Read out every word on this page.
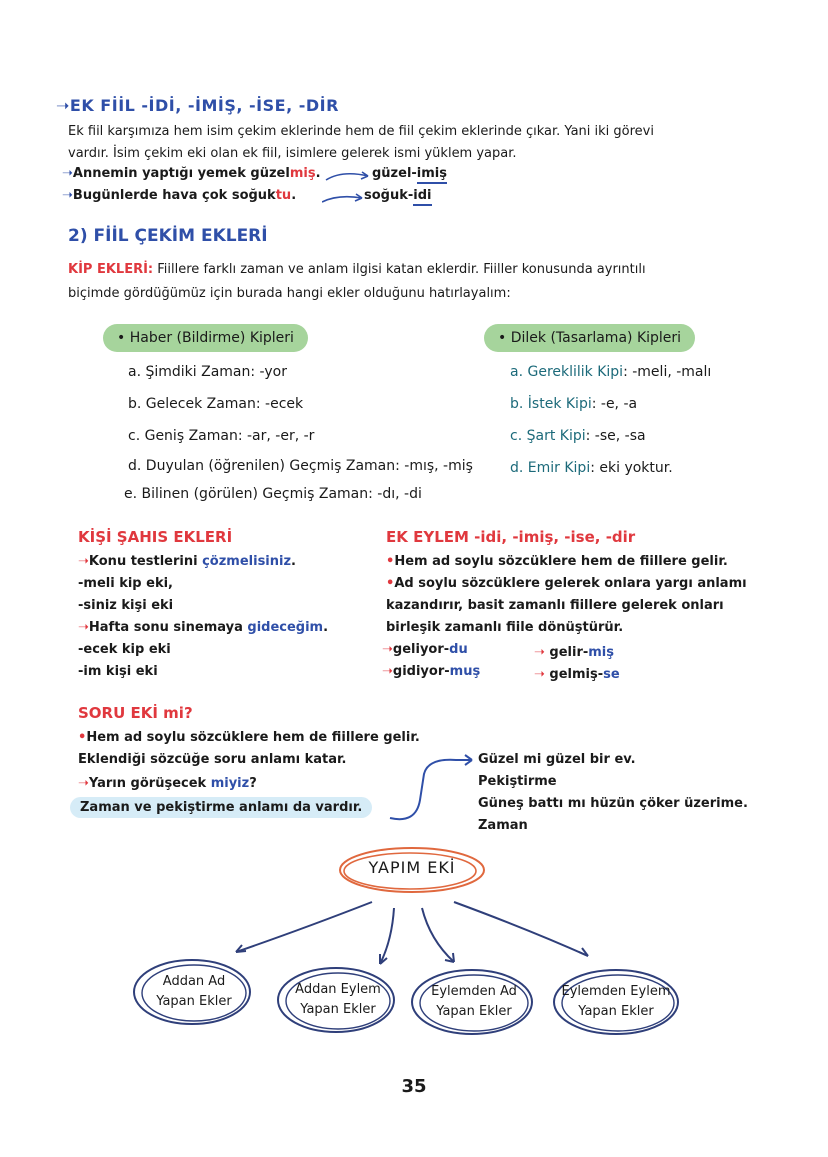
➝EK FİİL -İDİ, -İMİŞ, -İSE, -DİR
Ek fiil karşımıza hem isim çekim eklerinde hem de fiil çekim eklerinde çıkar. Yani iki görevi
vardır. İsim çekim eki olan ek fiil, isimlere gelerek ismi yüklem yapar.
➝Annemin yaptığı yemek güzelmiş.	güzel-imiş
➝Bugünlerde hava çok soğuktu.	soğuk-idi
2) FİİL ÇEKİM EKLERİ
KİP EKLERİ: Fiillere farklı zaman ve anlam ilgisi katan eklerdir. Fiiller konusunda ayrıntılı
biçimde gördüğümüz için burada hangi ekler olduğunu hatırlayalım:
• Haber (Bildirme) Kipleri
a. Şimdiki Zaman: -yor
b. Gelecek Zaman: -ecek
c. Geniş Zaman: -ar, -er, -r
d. Duyulan (öğrenilen) Geçmiş Zaman: -mış, -miş
e. Bilinen (görülen) Geçmiş Zaman: -dı, -di
• Dilek (Tasarlama) Kipleri
a. Gereklilik Kipi: -meli, -malı
b. İstek Kipi: -e, -a
c. Şart Kipi: -se, -sa
d. Emir Kipi: eki yoktur.
KİŞİ ŞAHIS EKLERİ
➝Konu testlerini çözmelisiniz.
-meli kip eki,
-siniz kişi eki
➝Hafta sonu sinemaya gideceğim.
-ecek kip eki
-im kişi eki
EK EYLEM -idi, -imiş, -ise, -dir
•Hem ad soylu sözcüklere hem de fiillere gelir.
•Ad soylu sözcüklere gelerek onlara yargı anlamı
kazandırır, basit zamanlı fiillere gelerek onları
birleşik zamanlı fiile dönüştürür.
➝geliyor-du
➝gidiyor-muş
➝ gelir-miş
➝ gelmiş-se
SORU EKİ mi?
•Hem ad soylu sözcüklere hem de fiillere gelir.
Eklendiği sözcüğe soru anlamı katar.
➝Yarın görüşecek miyiz?
Zaman ve pekiştirme anlamı da vardır.
Güzel mi güzel bir ev.
Pekiştirme
Güneş battı mı hüzün çöker üzerime.
Zaman
YAPIM EKİ
Addan Ad
Yapan Ekler
Addan Eylem
Yapan Ekler
Eylemden Ad
Yapan Ekler
Eylemden Eylem
Yapan Ekler
35
